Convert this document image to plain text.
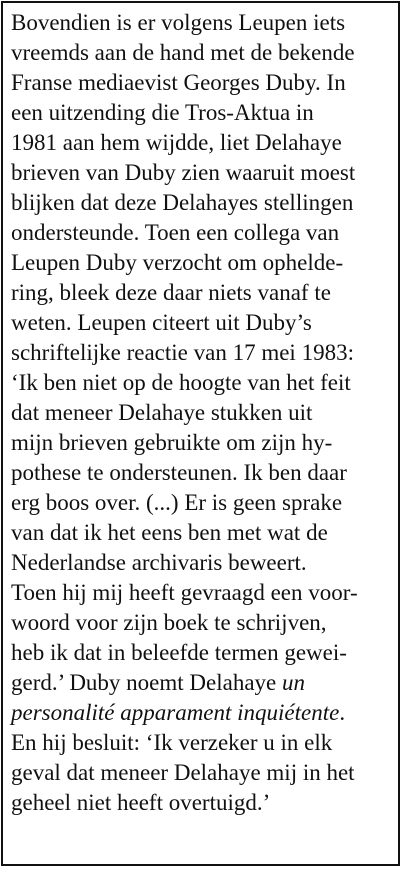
Bovendien is er volgens Leupen iets
vreemds aan de hand met de bekende
Franse mediaevist Georges Duby. In
een uitzending die Tros-Aktua in
1981 aan hem wijdde, liet Delahaye
brieven van Duby zien waaruit moest
blijken dat deze Delahayes stellingen
ondersteunde. Toen een collega van
Leupen Duby verzocht om ophelde-
ring, bleek deze daar niets vanaf te
weten. Leupen citeert uit Duby’s
schriftelijke reactie van 17 mei 1983:
‘Ik ben niet op de hoogte van het feit
dat meneer Delahaye stukken uit
mijn brieven gebruikte om zijn hy-
pothese te ondersteunen. Ik ben daar
erg boos over. (...) Er is geen sprake
van dat ik het eens ben met wat de
Nederlandse archivaris beweert.
Toen hij mij heeft gevraagd een voor-
woord voor zijn boek te schrijven,
heb ik dat in beleefde termen gewei-
gerd.’ Duby noemt Delahaye un
personalité apparament inquiétente.
En hij besluit: ‘Ik verzeker u in elk
geval dat meneer Delahaye mij in het
geheel niet heeft overtuigd.’
